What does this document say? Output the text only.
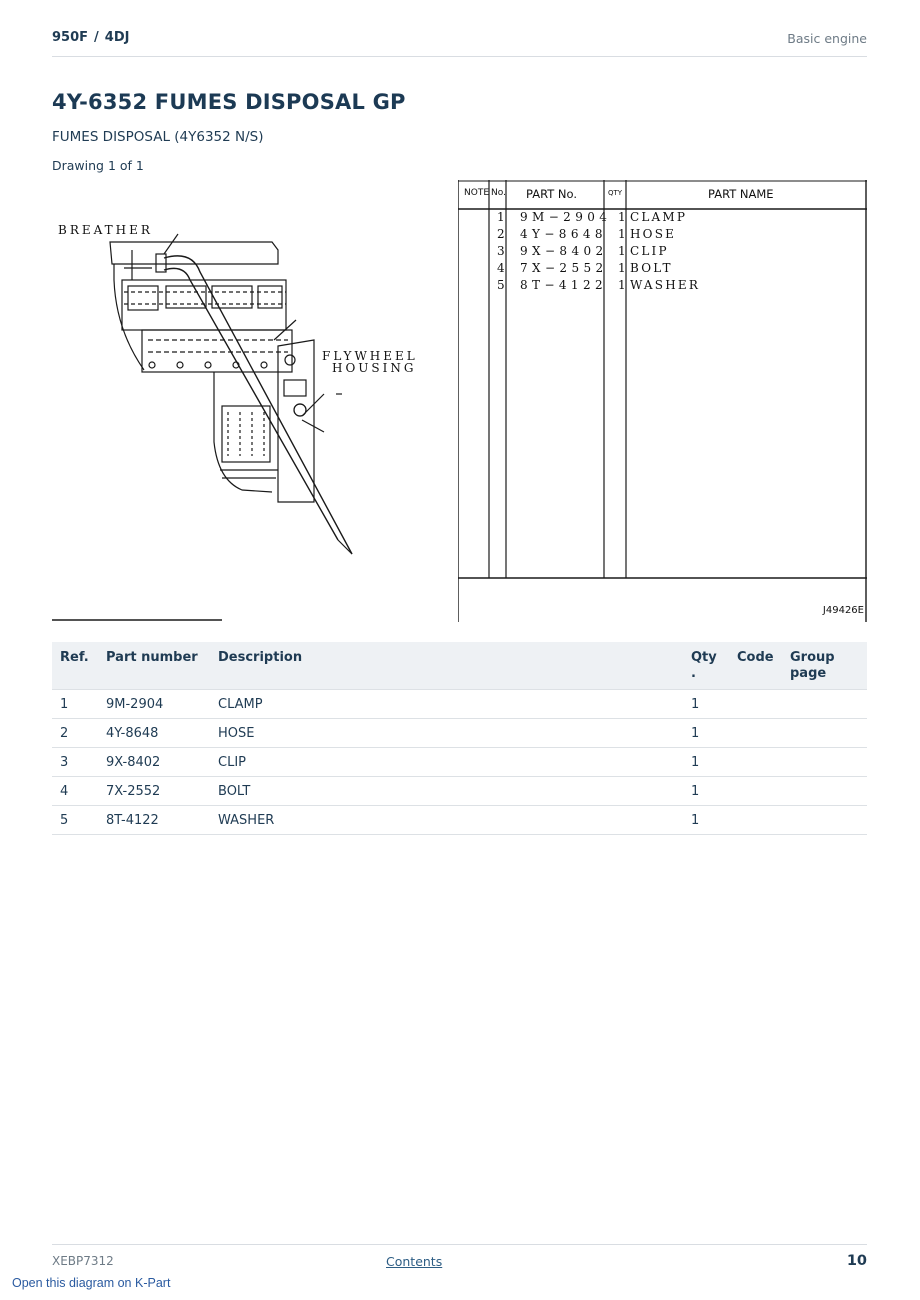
950F / 4DJ	Basic engine
4Y-6352 FUMES DISPOSAL GP
FUMES DISPOSAL (4Y6352 N/S)
Drawing 1 of 1
BREATHER
FLYWHEEL
HOUSING
NOTE No. PART No.	QTY	PART NAME
1 9M−2904 1 CLAMP
2 4Y−8648 1 HOSE
3 9X−8402 1 CLIP
4 7X−2552 1 BOLT
5 8T−4122 1 WASHER
J49426E
Ref.	Part number	Description	Qty .	Code	Group page
1	9M-2904	CLAMP	1		
2	4Y-8648	HOSE	1		
3	9X-8402	CLIP	1		
4	7X-2552	BOLT	1		
5	8T-4122	WASHER	1		
XEBP7312	Contents	10
Open this diagram on K-Part
